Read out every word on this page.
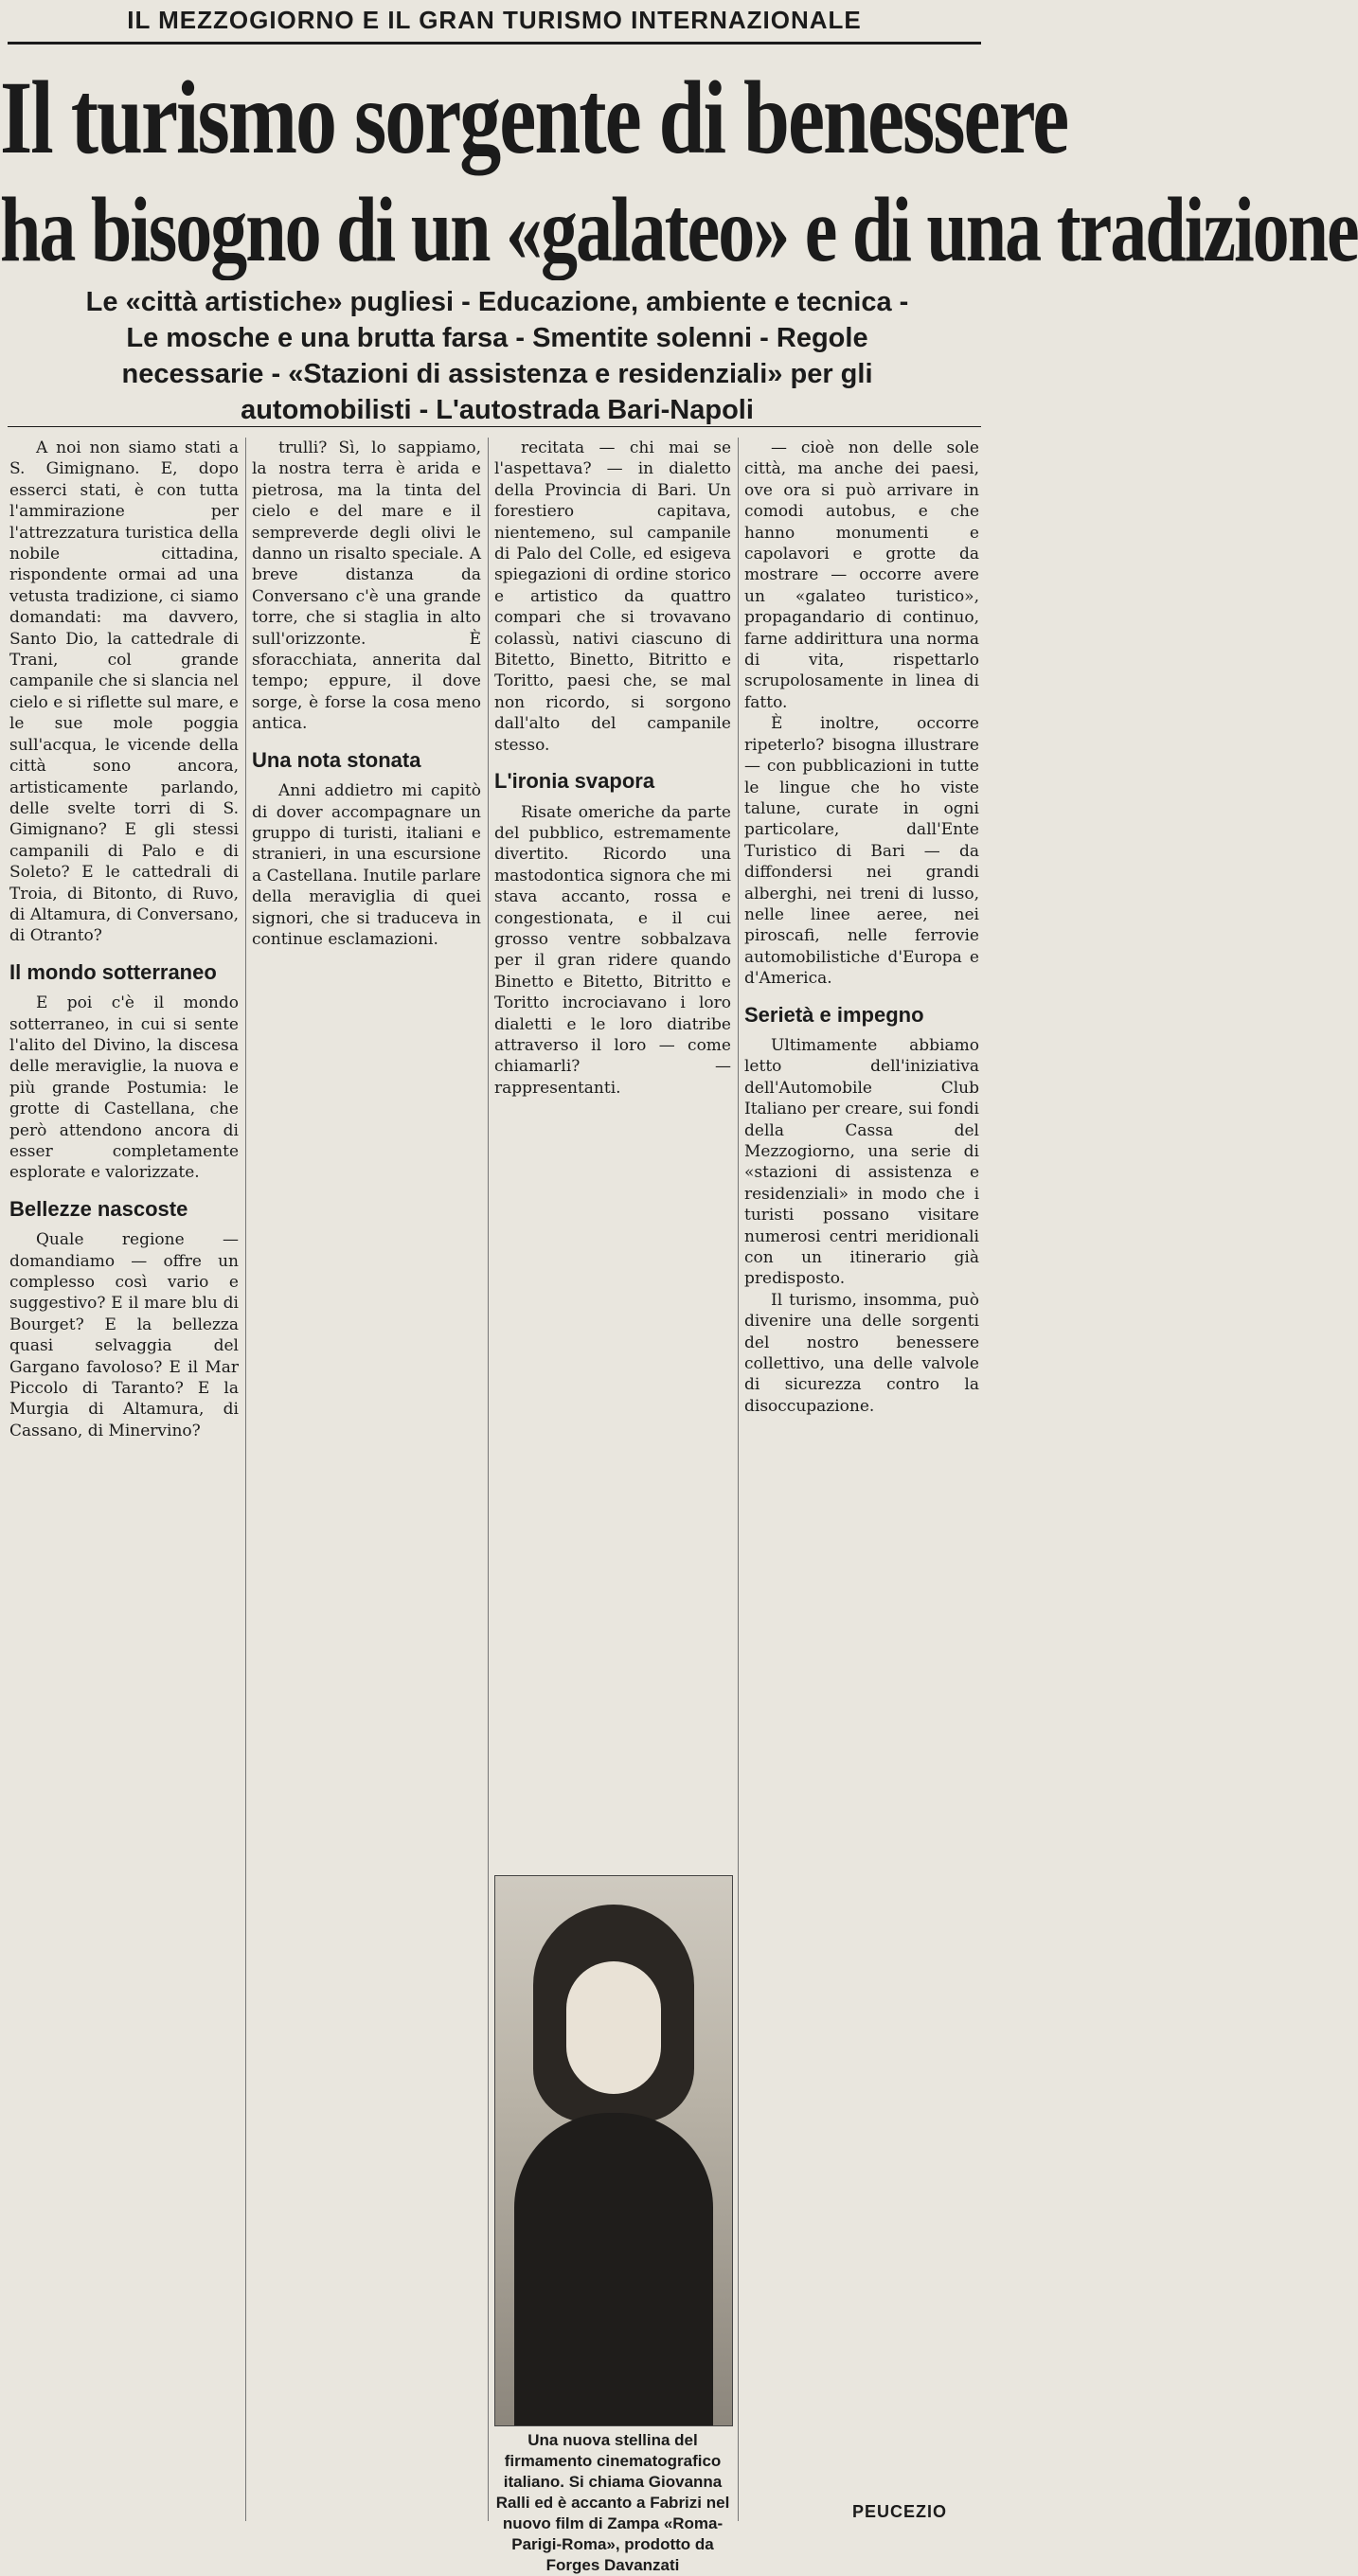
IL MEZZOGIORNO E IL GRAN TURISMO INTERNAZIONALE
Il turismo sorgente di benessere
ha bisogno di un «galateo» e di una tradizione
Le «città artistiche» pugliesi - Educazione, ambiente e tecnica - Le mosche e una brutta farsa - Smentite solenni - Regole necessarie - «Stazioni di assistenza e residenziali» per gli automobilisti - L'autostrada Bari-Napoli

A noi non siamo stati a S. Gimignano. E, dopo esserci stati, è con tutta l'ammirazione per l'attrezzatura turistica della nobile cittadina, rispondente ormai ad una vetusta tradizione, ci siamo domandati: ma davvero, Santo Dio, la cattedrale di Trani, col grande campanile che si slancia nel cielo e si riflette sul mare, e le sue mole poggia sull'acqua, le vicende della città sono ancora, artisticamente parlando, delle svelte torri di S. Gimignano? E gli stessi campanili di Palo e di Soleto? E le cattedrali di Troia, di Bitonto, di Ruvo, di Altamura, di Conversano, di Otranto?

Il mondo sotterraneo

E poi c'è il mondo sotterraneo, in cui si sente l'alito del Divino, la discesa delle meraviglie, la nuova e più grande Postumia: le grotte di Castellana, che però attendono ancora di esser completamente esplorate e valorizzate.

Bellezze nascoste

Quale regione — domandiamo — offre un complesso così vario e suggestivo? E il mare blu di Bourget? E la bellezza quasi selvaggia del Gargano favoloso? E il Mar Piccolo di Taranto? E la Murgia di Altamura, di Cassano, di Minervino?

trulli? Sì, lo sappiamo, la nostra terra è arida e pietrosa, ma la tinta del cielo e del mare e il sempreverde degli olivi le danno un risalto speciale. A breve distanza da Conversano c'è una grande torre, che si staglia in alto sull'orizzonte. È sforacchiata, annerita dal tempo; eppure, il dove sorge, è forse la cosa meno antica.

Una nota stonata

Anni addietro mi capitò di dover accompagnare un gruppo di turisti, italiani e stranieri, in una escursione a Castellana. Inutile parlare della meraviglia di quei signori, che si traduceva in continue esclamazioni.

recitata — chi mai se l'aspettava? — in dialetto della Provincia di Bari. Un forestiero capitava, nientemeno, sul campanile di Palo del Colle, ed esigeva spiegazioni di ordine storico e artistico da quattro compari che si trovavano colassù, nativi ciascuno di Bitetto, Binetto, Bitritto e Toritto, paesi che, se mal non ricordo, si sorgono dall'alto del campanile stesso.

L'ironia svapora

Risate omeriche da parte del pubblico, estremamente divertito. Ricordo una mastodontica signora che mi stava accanto, rossa e congestionata, e il cui grosso ventre sobbalzava per il gran ridere quando Binetto e Bitetto, Bitritto e Toritto incrociavano i loro dialetti e le loro diatribe attraverso il loro — come chiamarli? — rappresentanti.

Una nuova stellina del firmamento cinematografico italiano. Si chiama Giovanna Ralli ed è accanto a Fabrizi nel nuovo film di Zampa «Roma-Parigi-Roma», prodotto da Forges Davanzati

— cioè non delle sole città, ma anche dei paesi, ove ora si può arrivare in comodi autobus, e che hanno monumenti e capolavori e grotte da mostrare — occorre avere un «galateo turistico», propagandario di continuo, farne addirittura una norma di vita, rispettarlo scrupolosamente in linea di fatto.

È inoltre, occorre ripeterlo? bisogna illustrare — con pubblicazioni in tutte le lingue che ho viste talune, curate in ogni particolare, dall'Ente Turistico di Bari — da diffondersi nei grandi alberghi, nei treni di lusso, nelle linee aeree, nei piroscafi, nelle ferrovie automobilistiche d'Europa e d'America.

Serietà e impegno

Ultimamente abbiamo letto dell'iniziativa dell'Automobile Club Italiano per creare, sui fondi della Cassa del Mezzogiorno, una serie di «stazioni di assistenza e residenziali» in modo che i turisti possano visitare numerosi centri meridionali con un itinerario già predisposto.

Il turismo, insomma, può divenire una delle sorgenti del nostro benessere collettivo, una delle valvole di sicurezza contro la disoccupazione.

PEUCEZIO
